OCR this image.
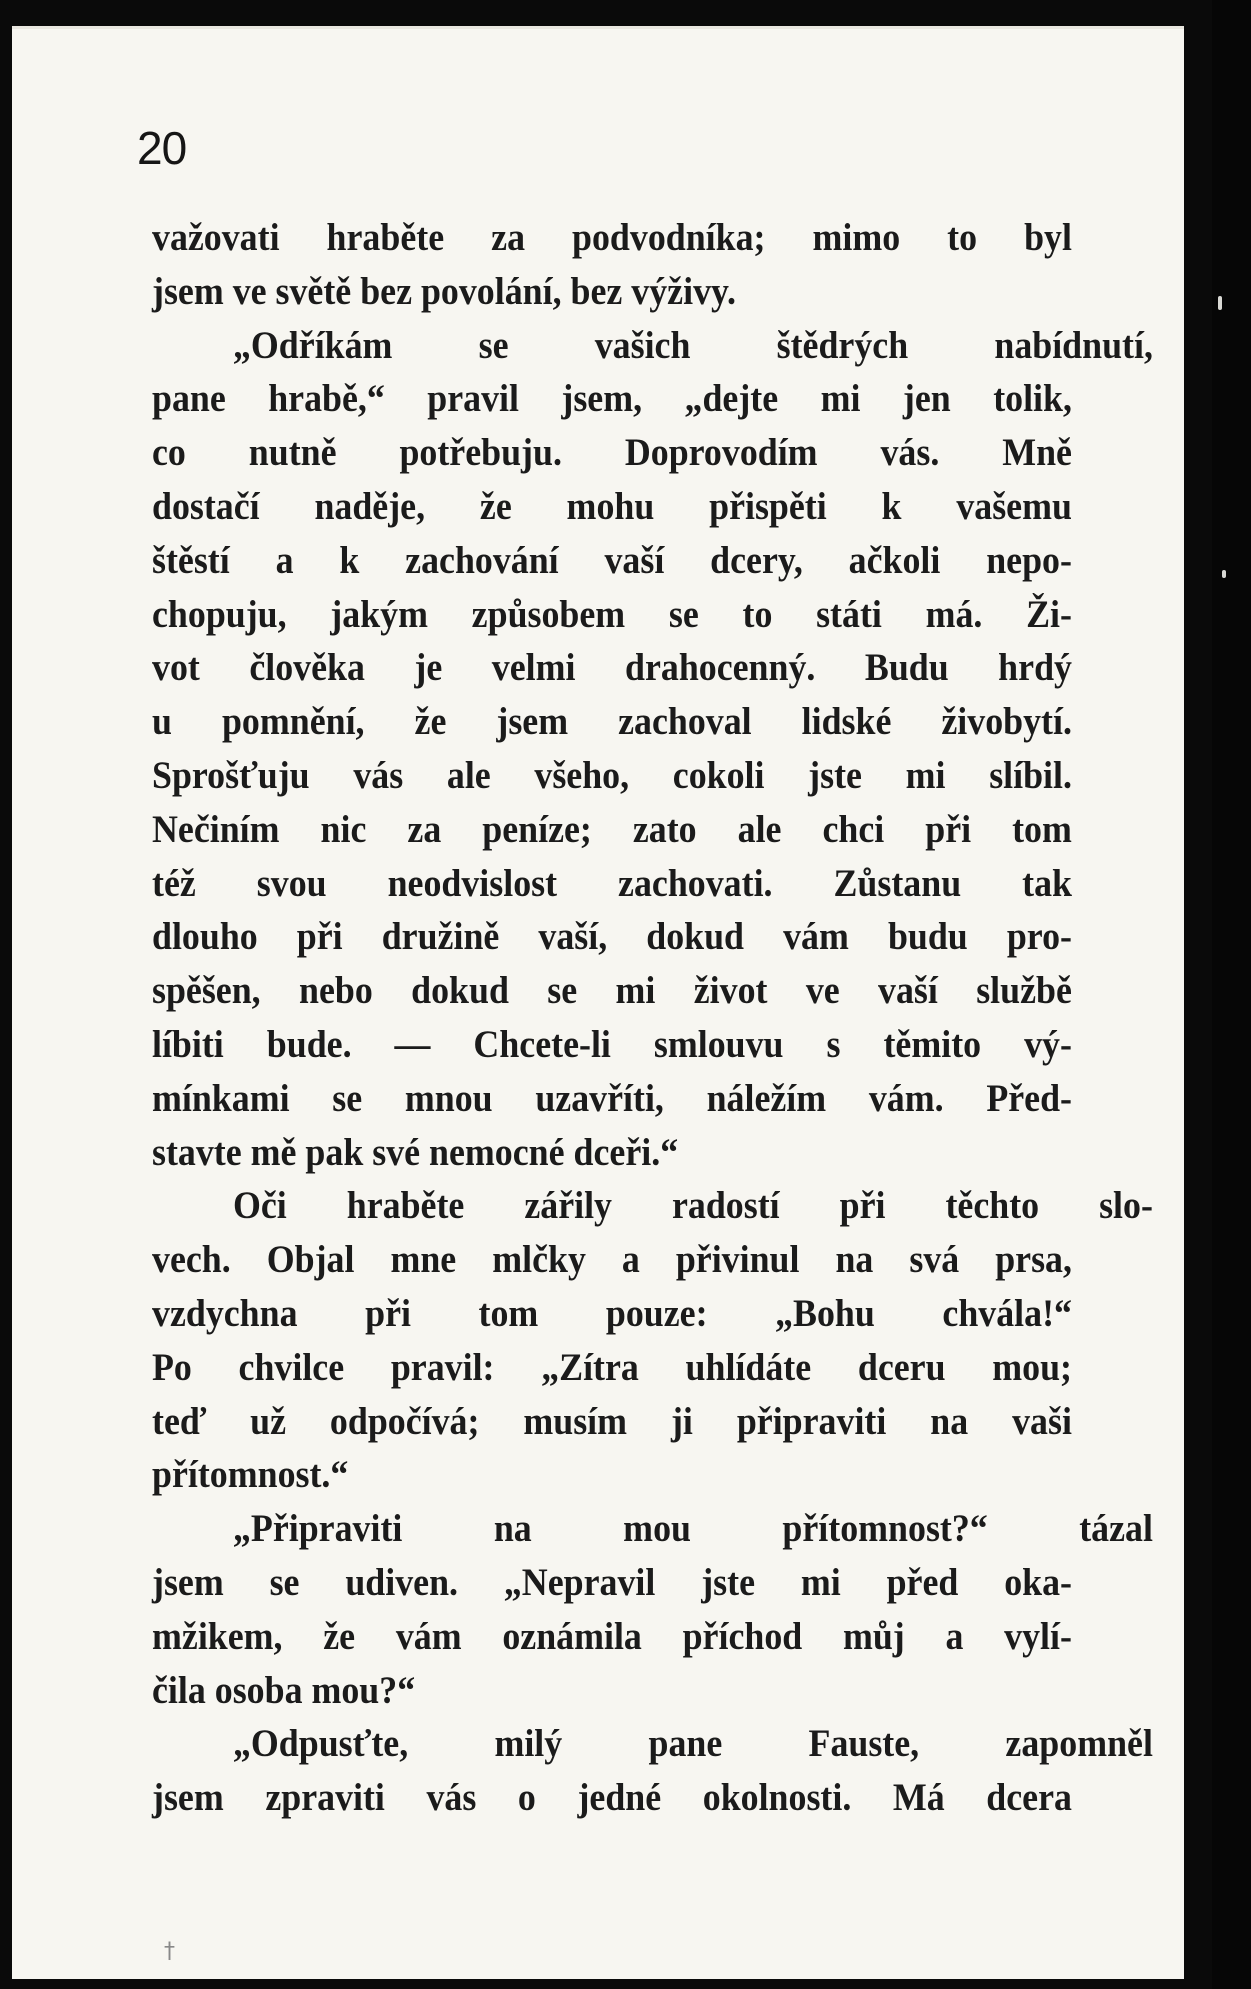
20
važovati hraběte za podvodníka; mimo to byl
jsem ve světě bez povolání, bez výživy.
„Odříkám se vašich štědrých nabídnutí,
pane hrabě,“ pravil jsem, „dejte mi jen tolik,
co nutně potřebuju. Doprovodím vás. Mně
dostačí naděje, že mohu přispěti k vašemu
štěstí a k zachování vaší dcery, ačkoli nepo-
chopuju, jakým způsobem se to státi má. Ži-
vot člověka je velmi drahocenný. Budu hrdý
u pomnění, že jsem zachoval lidské živobytí.
Sprošťuju vás ale všeho, cokoli jste mi slíbil.
Nečiním nic za peníze; zato ale chci při tom
též svou neodvislost zachovati. Zůstanu tak
dlouho při družině vaší, dokud vám budu pro-
spěšen, nebo dokud se mi život ve vaší službě
líbiti bude. — Chcete-li smlouvu s těmito vý-
mínkami se mnou uzavříti, náležím vám. Před-
stavte mě pak své nemocné dceři.“
Oči hraběte zářily radostí při těchto slo-
vech. Objal mne mlčky a přivinul na svá prsa,
vzdychna při tom pouze: „Bohu chvála!“
Po chvilce pravil: „Zítra uhlídáte dceru mou;
teď už odpočívá; musím ji připraviti na vaši
přítomnost.“
„Připraviti na mou přítomnost?“ tázal
jsem se udiven. „Nepravil jste mi před oka-
mžikem, že vám oznámila příchod můj a vylí-
čila osoba mou?“
„Odpusťte, milý pane Fauste, zapomněl
jsem zpraviti vás o jedné okolnosti. Má dcera
†
